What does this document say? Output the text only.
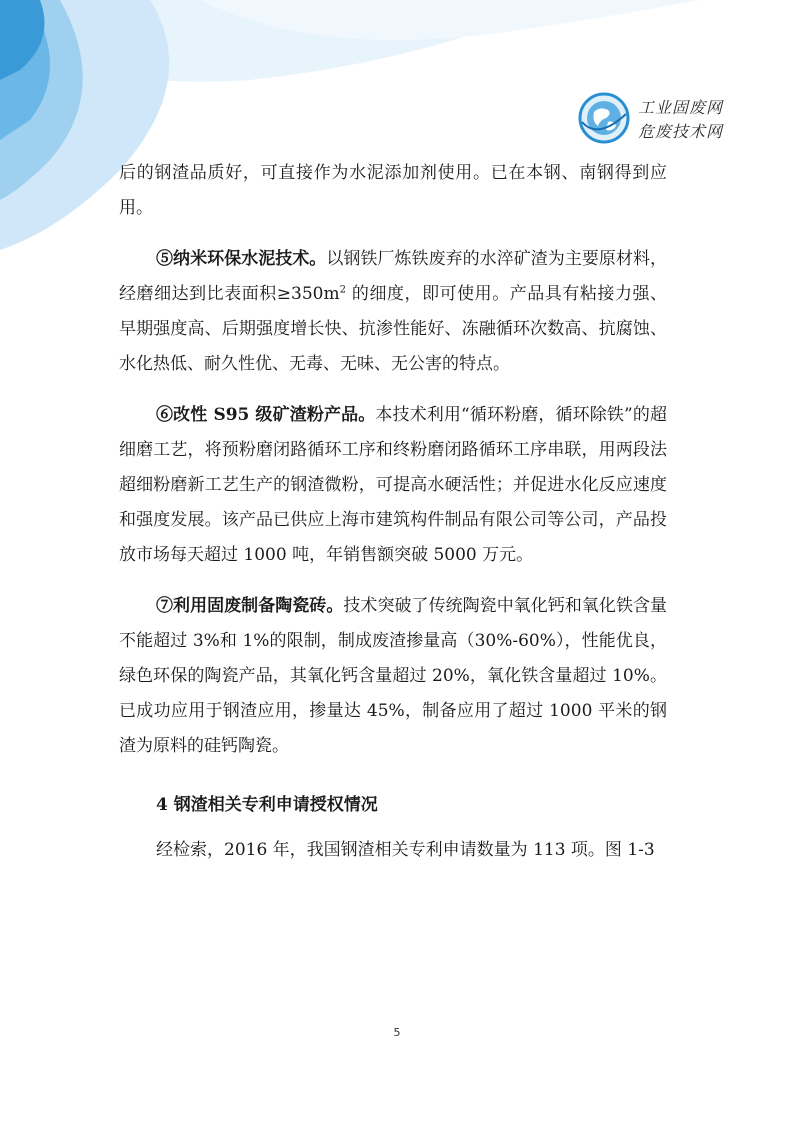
工业固废网
危废技术网

后的钢渣品质好，可直接作为水泥添加剂使用。已在本钢、南钢得到应用。

⑤纳米环保水泥技术。以钢铁厂炼铁废弃的水淬矿渣为主要原材料，经磨细达到比表面积$\ge 350m^2$ 的细度，即可使用。产品具有粘接力强、早期强度高、后期强度增长快、抗渗性能好、冻融循环次数高、抗腐蚀、水化热低、耐久性优、无毒、无味、无公害的特点。

⑥改性 S95 级矿渣粉产品。本技术利用“循环粉磨，循环除铁”的超细磨工艺，将预粉磨闭路循环工序和终粉磨闭路循环工序串联，用两段法超细粉磨新工艺生产的钢渣微粉，可提高水硬活性；并促进水化反应速度和强度发展。该产品已供应上海市建筑构件制品有限公司等公司，产品投放市场每天超过 1000 吨，年销售额突破 5000 万元。

⑦利用固废制备陶瓷砖。技术突破了传统陶瓷中氧化钙和氧化铁含量不能超过 3%和 1%的限制，制成废渣掺量高（30%-60%），性能优良，绿色环保的陶瓷产品，其氧化钙含量超过 20%，氧化铁含量超过 10%。已成功应用于钢渣应用，掺量达 45%，制备应用了超过 1000 平米的钢渣为原料的硅钙陶瓷。

4 钢渣相关专利申请授权情况

经检索，2016 年，我国钢渣相关专利申请数量为 113 项。图 1-3

5
